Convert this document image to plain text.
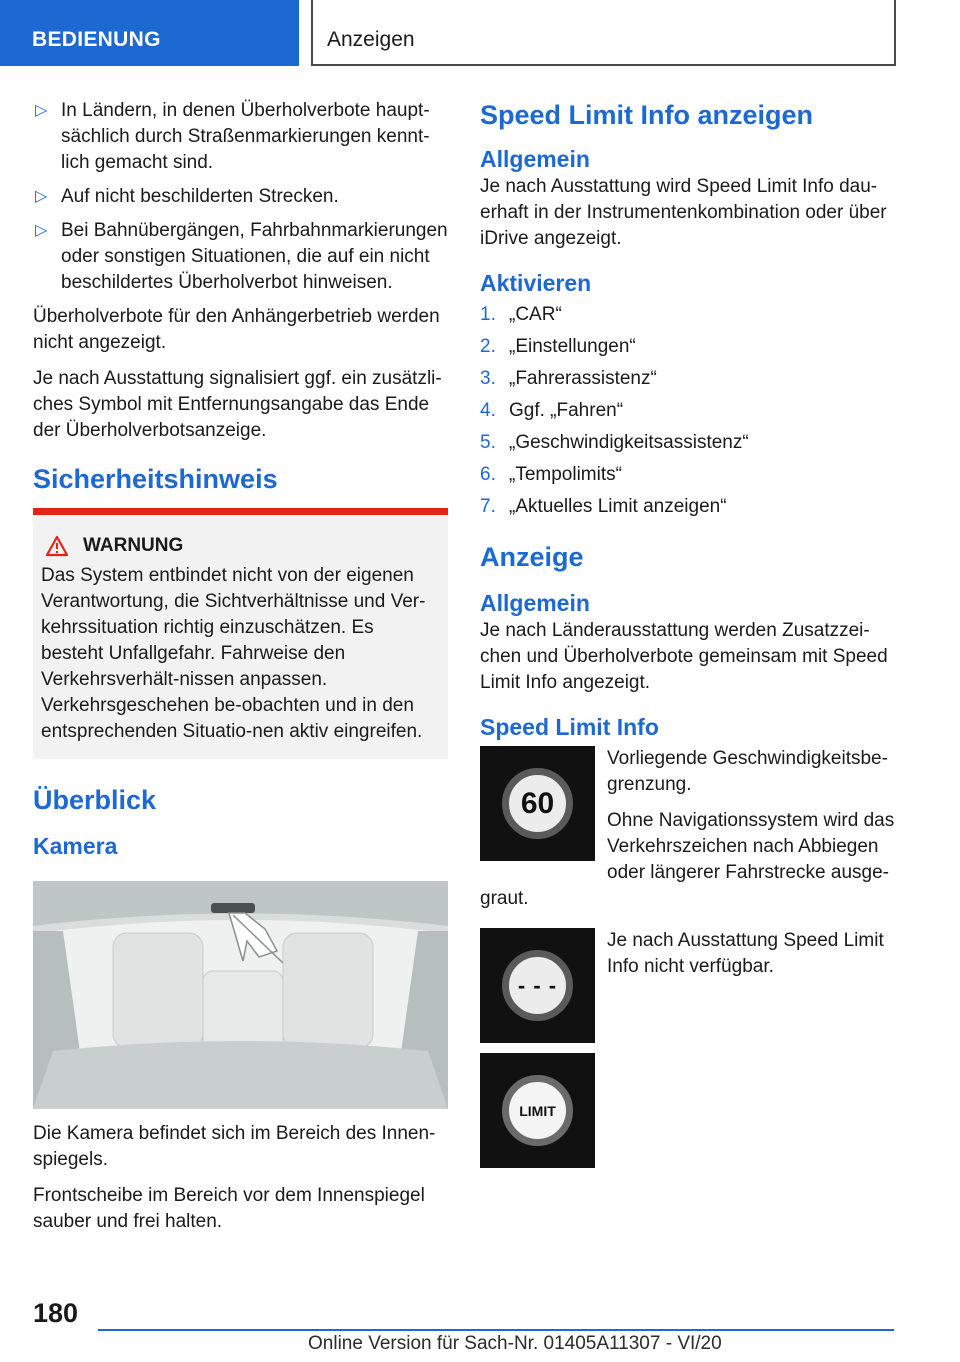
BEDIENUNG	Anzeigen
▷ In Ländern, in denen Überholverbote haupt-sächlich durch Straßenmarkierungen kennt-lich gemacht sind.
▷ Auf nicht beschilderten Strecken.
▷ Bei Bahnübergängen, Fahrbahnmarkierungen oder sonstigen Situationen, die auf ein nicht beschildertes Überholverbot hinweisen.

Überholverbote für den Anhängerbetrieb werden nicht angezeigt.

Je nach Ausstattung signalisiert ggf. ein zusätzli-ches Symbol mit Entfernungsangabe das Ende der Überholverbotsanzeige.

Sicherheitshinweis
WARNUNG

Das System entbindet nicht von der eigenen Verantwortung, die Sichtverhältnisse und Ver-kehrssituation richtig einzuschätzen. Es besteht Unfallgefahr. Fahrweise den Verkehrsverhält-nissen anpassen. Verkehrsgeschehen be-obachten und in den entsprechenden Situatio-nen aktiv eingreifen.

Überblick
Kamera

Die Kamera befindet sich im Bereich des Innen-spiegels.

Frontscheibe im Bereich vor dem Innenspiegel sauber und frei halten.

Speed Limit Info anzeigen
Allgemein

Je nach Ausstattung wird Speed Limit Info dau-erhaft in der Instrumentenkombination oder über iDrive angezeigt.

Aktivieren
1. „CAR“
2. „Einstellungen“
3. „Fahrerassistenz“
4. Ggf. „Fahren“
5. „Geschwindigkeitsassistenz“
6. „Tempolimits“
7. „Aktuelles Limit anzeigen“
Anzeige
Allgemein

Je nach Länderausstattung werden Zusatzzei-chen und Überholverbote gemeinsam mit Speed Limit Info angezeigt.

Speed Limit Info
60

Vorliegende Geschwindigkeitsbe-grenzung.

Ohne Navigationssystem wird das Verkehrszeichen nach Abbiegen oder längerer Fahrstrecke ausge-graut.

- - -

Je nach Ausstattung Speed Limit Info nicht verfügbar.

LIMIT
180
Online Version für Sach-Nr. 01405A11307 - VI/20
